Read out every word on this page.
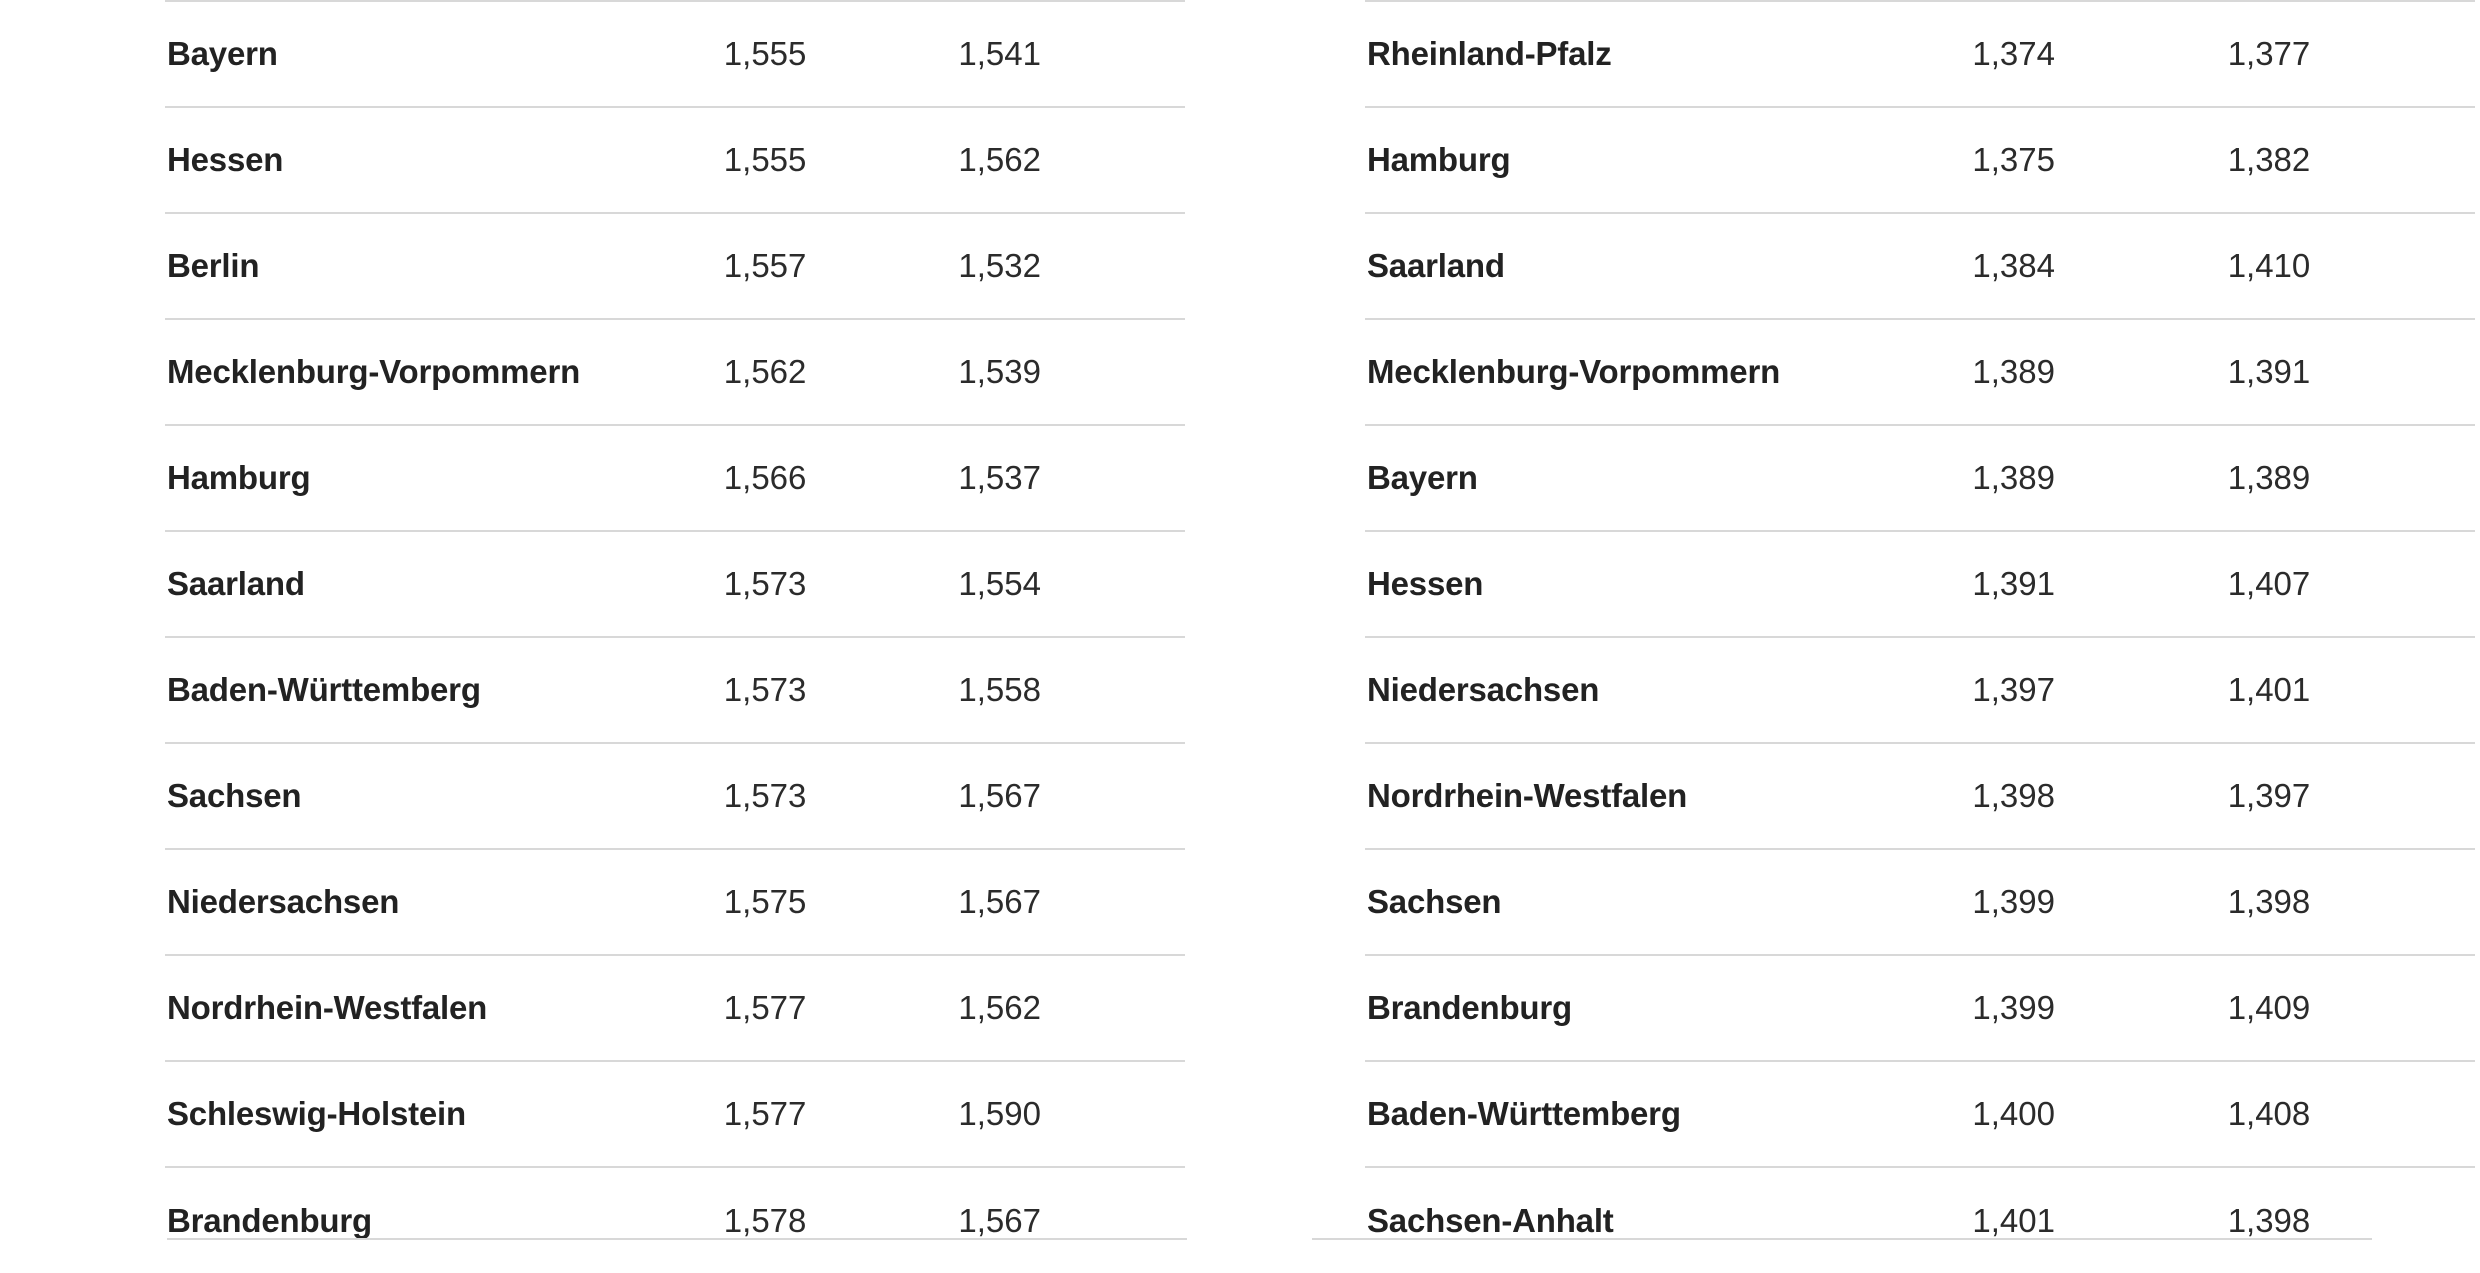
Bayern	1,555	1,541
Hessen	1,555	1,562
Berlin	1,557	1,532
Mecklenburg-Vorpommern	1,562	1,539
Hamburg	1,566	1,537
Saarland	1,573	1,554
Baden-Württemberg	1,573	1,558
Sachsen	1,573	1,567
Niedersachsen	1,575	1,567
Nordrhein-Westfalen	1,577	1,562
Schleswig-Holstein	1,577	1,590
Brandenburg	1,578	1,567
Rheinland-Pfalz	1,374	1,377
Hamburg	1,375	1,382
Saarland	1,384	1,410
Mecklenburg-Vorpommern	1,389	1,391
Bayern	1,389	1,389
Hessen	1,391	1,407
Niedersachsen	1,397	1,401
Nordrhein-Westfalen	1,398	1,397
Sachsen	1,399	1,398
Brandenburg	1,399	1,409
Baden-Württemberg	1,400	1,408
Sachsen-Anhalt	1,401	1,398
